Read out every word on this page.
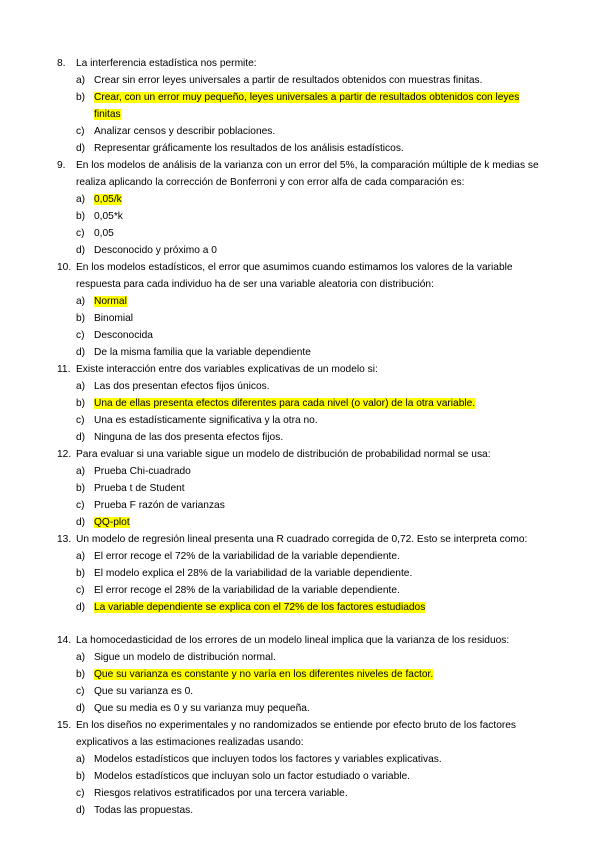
8.	La interferencia estadística nos permite:
a) Crear sin error leyes universales a partir de resultados obtenidos con muestras finitas.
b) Crear, con un error muy pequeño, leyes universales a partir de resultados obtenidos con leyes finitas
c) Analizar censos y describir poblaciones.
d) Representar gráficamente los resultados de los análisis estadísticos.
9.	En los modelos de análisis de la varianza con un error del 5%, la comparación múltiple de k medias se realiza aplicando la corrección de Bonferroni y con error alfa de cada comparación es:
a) 0,05/k
b) 0,05*k
c) 0,05
d) Desconocido y próximo a 0
10. En los modelos estadísticos, el error que asumimos cuando estimamos los valores de la variable respuesta para cada individuo ha de ser una variable aleatoria con distribución:
a) Normal
b) Binomial
c) Desconocida
d) De la misma familia que la variable dependiente
11. Existe interacción entre dos variables explicativas de un modelo si:
a) Las dos presentan efectos fijos únicos.
b) Una de ellas presenta efectos diferentes para cada nivel (o valor) de la otra variable.
c) Una es estadísticamente significativa y la otra no.
d) Ninguna de las dos presenta efectos fijos.
12. Para evaluar si una variable sigue un modelo de distribución de probabilidad normal se usa:
a) Prueba Chi-cuadrado
b) Prueba t de Student
c) Prueba F razón de varianzas
d) QQ-plot
13. Un modelo de regresión lineal presenta una R cuadrado corregida de 0,72. Esto se interpreta como:
a) El error recoge el 72% de la variabilidad de la variable dependiente.
b) El modelo explica el 28% de la variabilidad de la variable dependiente.
c) El error recoge el 28% de la variabilidad de la variable dependiente.
d) La variable dependiente se explica con el 72% de los factores estudiados
14. La homocedasticidad de los errores de un modelo lineal implica que la varianza de los residuos:
a) Sigue un modelo de distribución normal.
b) Que su varianza es constante y no varía en los diferentes niveles de factor.
c) Que su varianza es 0.
d) Que su media es 0 y su varianza muy pequeña.
15. En los diseños no experimentales y no randomizados se entiende por efecto bruto de los factores explicativos a las estimaciones realizadas usando:
a) Modelos estadísticos que incluyen todos los factores y variables explicativas.
b) Modelos estadísticos que incluyan solo un factor estudiado o variable.
c) Riesgos relativos estratificados por una tercera variable.
d) Todas las propuestas.
